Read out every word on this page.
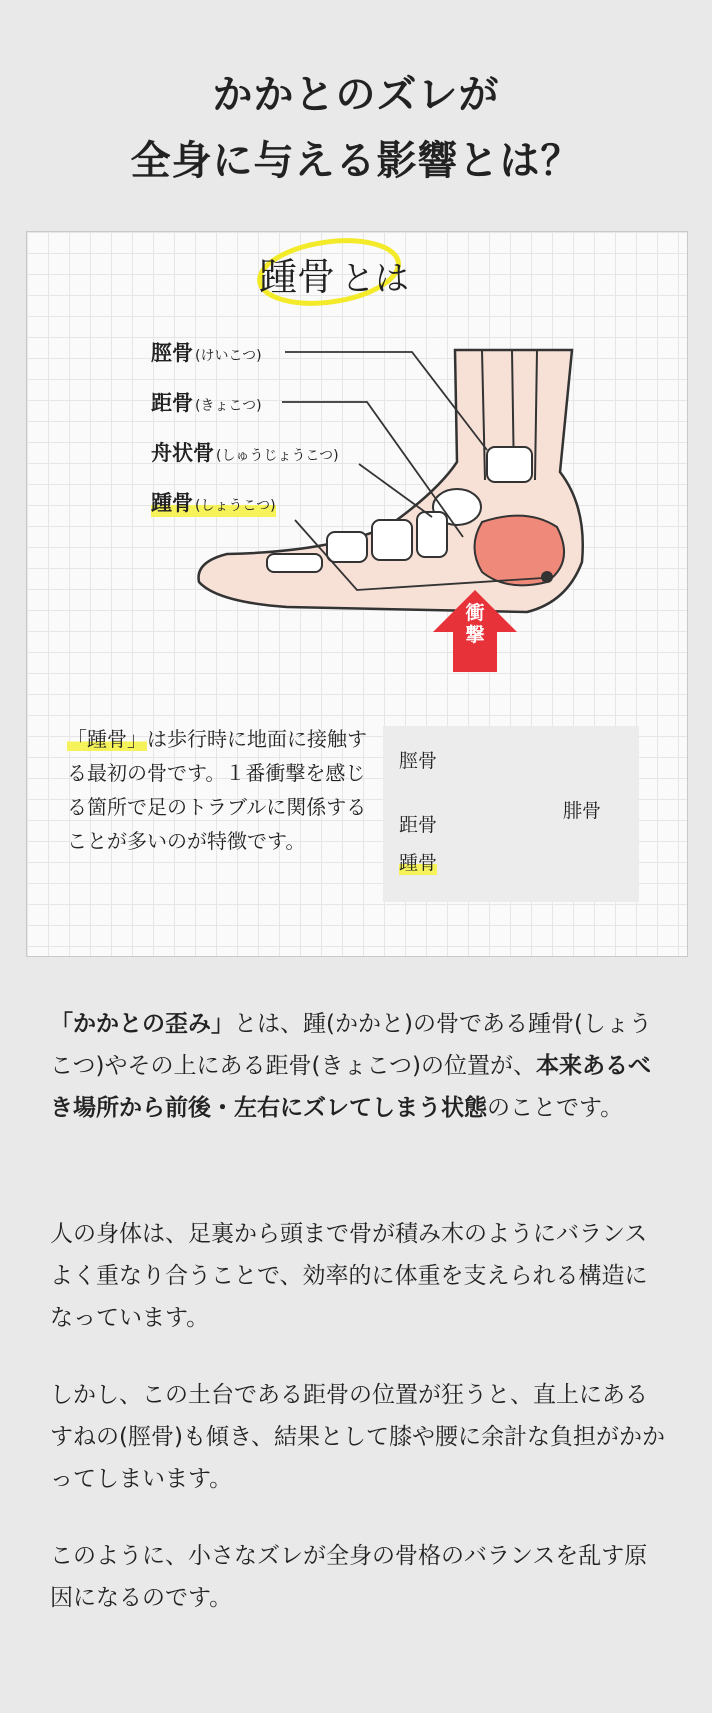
かかとのズレが
全身に与える影響とは？
踵骨 とは
脛骨 (けいこつ)
距骨 (きょこつ)
舟状骨 (しゅうじょうこつ)
踵骨 (しょうこつ)
衝
撃
「踵骨」は歩行時に地面に接触する最初の骨です。１番衝撃を感じる箇所で足のトラブルに関係することが多いのが特徴です。
脛骨
距骨
踵骨
腓骨
「かかとの歪み」とは、踵(かかと)の骨である踵骨(しょうこつ)やその上にある距骨(きょこつ)の位置が、本来あるべき場所から前後・左右にズレてしまう状態のことです。
人の身体は、足裏から頭まで骨が積み木のようにバランスよく重なり合うことで、効率的に体重を支えられる構造になっています。
しかし、この土台である距骨の位置が狂うと、直上にあるすねの(脛骨)も傾き、結果として膝や腰に余計な負担がかかってしまいます。
このように、小さなズレが全身の骨格のバランスを乱す原因になるのです。
